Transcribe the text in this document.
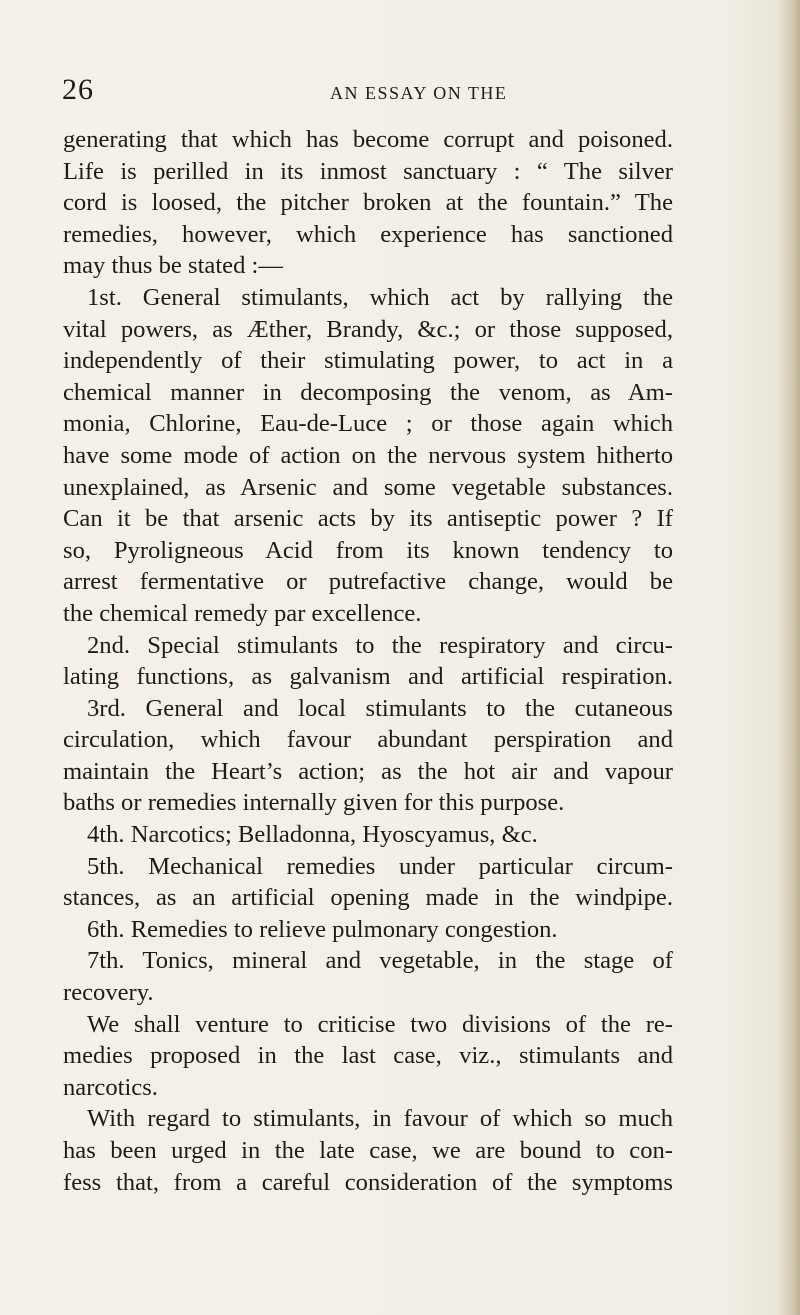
26	AN ESSAY ON THE
generating that which has become corrupt and poisoned.
Life is perilled in its inmost sanctuary : “ The silver
cord is loosed, the pitcher broken at the fountain.” The
remedies, however, which experience has sanctioned
may thus be stated :—
1st. General stimulants, which act by rallying the
vital powers, as Æther, Brandy, &c.; or those supposed,
independently of their stimulating power, to act in a
chemical manner in decomposing the venom, as Am-
monia, Chlorine, Eau-de-Luce ; or those again which
have some mode of action on the nervous system hitherto
unexplained, as Arsenic and some vegetable substances.
Can it be that arsenic acts by its antiseptic power ? If
so, Pyroligneous Acid from its known tendency to
arrest fermentative or putrefactive change, would be
the chemical remedy par excellence.
2nd. Special stimulants to the respiratory and circu-
lating functions, as galvanism and artificial respiration.
3rd. General and local stimulants to the cutaneous
circulation, which favour abundant perspiration and
maintain the Heart’s action; as the hot air and vapour
baths or remedies internally given for this purpose.
4th. Narcotics; Belladonna, Hyoscyamus, &c.
5th. Mechanical remedies under particular circum-
stances, as an artificial opening made in the windpipe.
6th. Remedies to relieve pulmonary congestion.
7th. Tonics, mineral and vegetable, in the stage of
recovery.
We shall venture to criticise two divisions of the re-
medies proposed in the last case, viz., stimulants and
narcotics.
With regard to stimulants, in favour of which so much
has been urged in the late case, we are bound to con-
fess that, from a careful consideration of the symptoms
